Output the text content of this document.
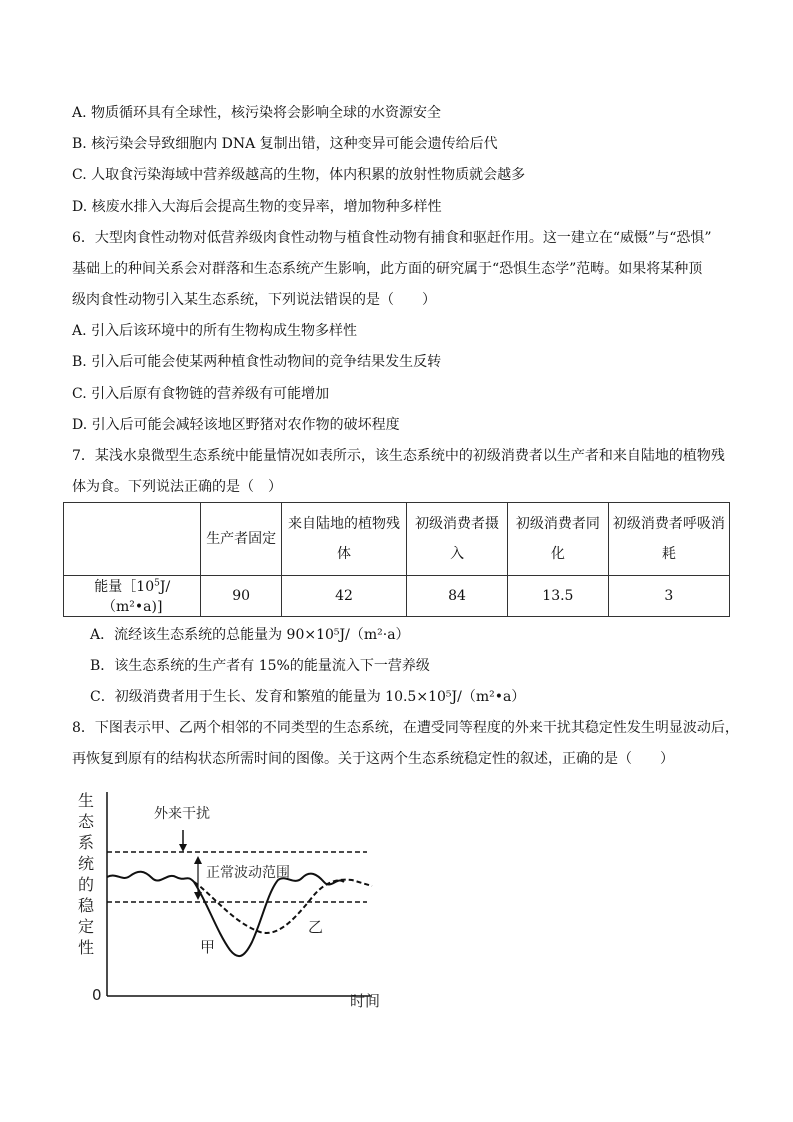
A. 物质循环具有全球性，核污染将会影响全球的水资源安全
B. 核污染会导致细胞内 DNA 复制出错，这种变异可能会遗传给后代
C. 人取食污染海域中营养级越高的生物，体内积累的放射性物质就会越多
D. 核废水排入大海后会提高生物的变异率，增加物种多样性
6．大型肉食性动物对低营养级肉食性动物与植食性动物有捕食和驱赶作用。这一建立在“威慑”与“恐惧”
基础上的种间关系会对群落和生态系统产生影响，此方面的研究属于“恐惧生态学”范畴。如果将某种顶
级肉食性动物引入某生态系统，下列说法错误的是（　　）
A. 引入后该环境中的所有生物构成生物多样性
B. 引入后可能会使某两种植食性动物间的竞争结果发生反转
C. 引入后原有食物链的营养级有可能增加
D. 引入后可能会减轻该地区野猪对农作物的破坏程度
7．某浅水泉微型生态系统中能量情况如表所示，该生态系统中的初级消费者以生产者和来自陆地的植物残
体为食。下列说法正确的是（　）
	生产者固定	来自陆地的植物残体	初级消费者摄入	初级消费者同化	初级消费者呼吸消耗
能量$[10^5J/(m^2•a)$]	90	42	84	13.5	3
A．流经该生态系统的总能量为 90×10⁵J/（m²·a）
B．该生态系统的生产者有 15%的能量流入下一营养级
C．初级消费者用于生长、发育和繁殖的能量为 10.5×10⁵J/（m²•a）
8．下图表示甲、乙两个相邻的不同类型的生态系统，在遭受同等程度的外来干扰其稳定性发生明显波动后，
再恢复到原有的结构状态所需时间的图像。关于这两个生态系统稳定性的叙述，正确的是（　　）
生
态
系
统
的
稳
定
性
0	时间
外来干扰
正常波动范围
甲
乙
